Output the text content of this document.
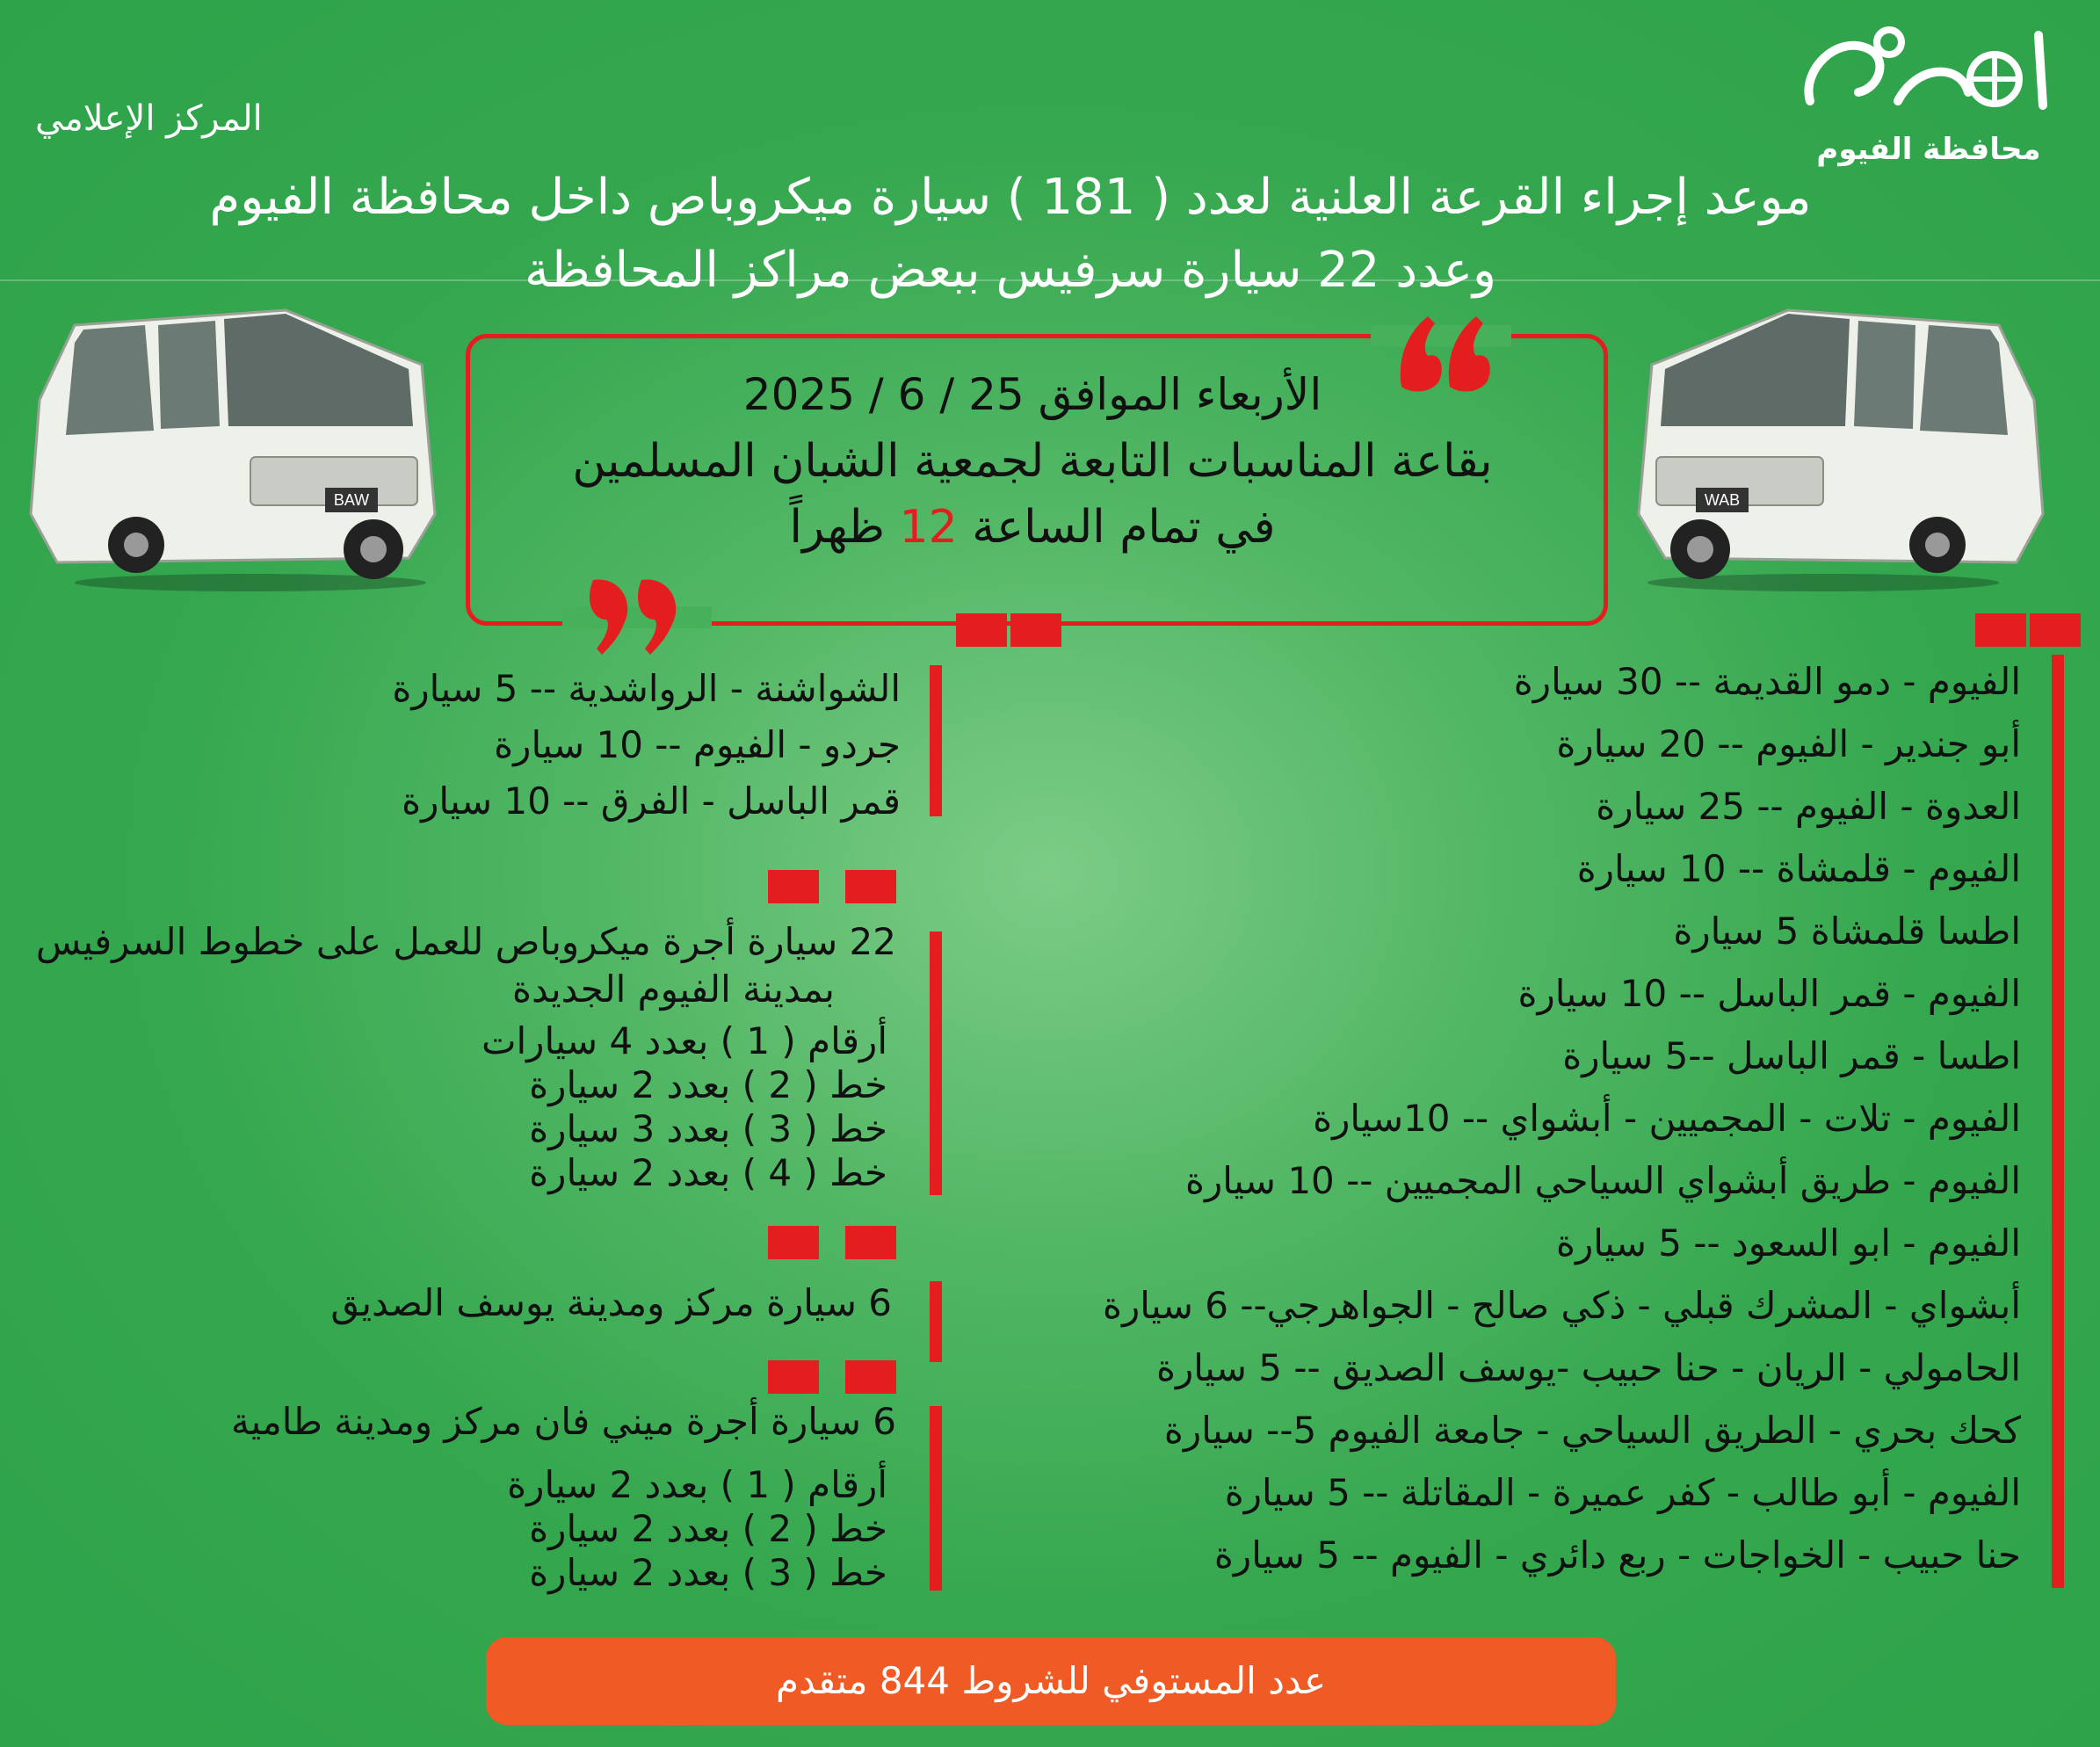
المركز الإعلامي
محافظة الفيوم
موعد إجراء القرعة العلنية لعدد ( 181 ) سيارة ميكروباص داخل محافظة الفيوم
وعدد 22 سيارة سرفيس ببعض مراكز المحافظة
الأربعاء الموافق 25 / 6 / 2025
بقاعة المناسبات التابعة لجمعية الشبان المسلمين
في تمام الساعة 12 ظهراً
BAW	WAB
الفيوم - دمو القديمة -- 30 سيارة
أبو جندير - الفيوم -- 20 سيارة
العدوة - الفيوم -- 25 سيارة
الفيوم - قلمشاة -- 10 سيارة
اطسا قلمشاة 5 سيارة
الفيوم - قمر الباسل -- 10 سيارة
اطسا - قمر الباسل --5 سيارة
الفيوم - تلات - المجميين - أبشواي -- 10سيارة
الفيوم - طريق أبشواي السياحي المجميين -- 10 سيارة
الفيوم - ابو السعود -- 5 سيارة
أبشواي - المشرك قبلي - ذكي صالح - الجواهرجي-- 6 سيارة
الحامولي - الريان - حنا حبيب -يوسف الصديق -- 5 سيارة
كحك بحري - الطريق السياحي - جامعة الفيوم 5-- سيارة
الفيوم - أبو طالب - كفر عميرة - المقاتلة -- 5 سيارة
حنا حبيب - الخواجات - ربع دائري - الفيوم -- 5 سيارة
الشواشنة - الرواشدية -- 5 سيارة
جردو - الفيوم -- 10 سيارة
قمر الباسل - الفرق -- 10 سيارة
22 سيارة أجرة ميكروباص للعمل على خطوط السرفيس
بمدينة الفيوم الجديدة
أرقام ( 1 ) بعدد 4 سيارات
خط ( 2 ) بعدد 2 سيارة
خط ( 3 ) بعدد 3 سيارة
خط ( 4 ) بعدد 2 سيارة
6 سيارة مركز ومدينة يوسف الصديق
6 سيارة أجرة ميني فان مركز ومدينة طامية
أرقام ( 1 ) بعدد 2 سيارة
خط ( 2 ) بعدد 2 سيارة
خط ( 3 ) بعدد 2 سيارة
عدد المستوفي للشروط 844 متقدم
